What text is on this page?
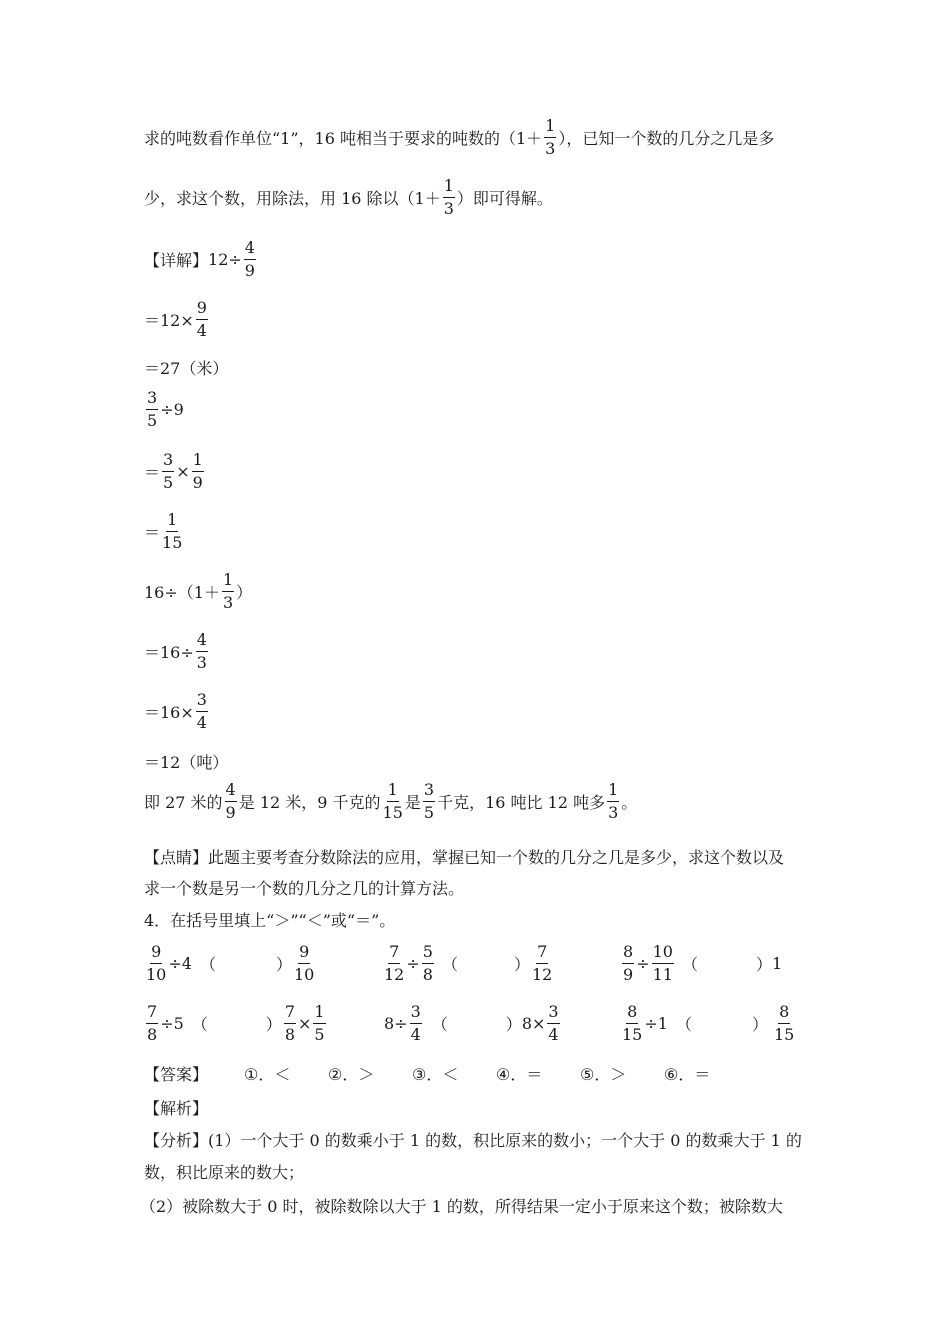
求的吨数看作单位“1”，16 吨相当于要求的吨数的（$1+ \frac{1}{3}$ ），已知一个数的几分之几是多
少，求这个数，用除法，用 16 除以（$1+ \frac{1}{3}$ ）即可得解。
【详解】 $12\div \frac{4}{9}$
$=12\times \frac{9}{4}$
＝27（米）
$\frac{3}{5} \div 9$
＝ $\frac{3}{5} \times \frac{1}{9}$
＝ $\frac{1}{15}$
$16\div(1+ \frac{1}{3}$ ）
$=16\div \frac{4}{3}$
$=16\times \frac{3}{4}$
＝12（吨）
即 27 米的 $\frac{4}{9}$ 是 12 米，9 千克的 $\frac{1}{15}$ 是 $\frac{3}{5}$ 千克，16 吨比 12 吨多 $\frac{1}{3}$ 。
【点睛】此题主要考查分数除法的应用，掌握已知一个数的几分之几是多少，求这个数以及
求一个数是另一个数的几分之几的计算方法。
4．在括号里填上“＞”“＜”或“＝”。
$\frac{9}{10} \div 4$ （	） $\frac{9}{10}$	$\frac{7}{12} \div \frac{5}{8}$ （	） $\frac{7}{12}$	$\frac{8}{9} \div \frac{10}{11}$ （	） 1
$\frac{7}{8} \div 5$ （	） $\frac{7}{8} \times \frac{1}{5}$	$8\div \frac{3}{4}$ （	） $8\times \frac{3}{4}$	$\frac{8}{15} \div 1$ （	） $\frac{8}{15}$
【答案】	①．＜	②．＞	③．＜	④．＝	⑤．＞	⑥．＝
【解析】
【分析】(1）一个大于 0 的数乘小于 1 的数，积比原来的数小；一个大于 0 的数乘大于 1 的
数，积比原来的数大；
（2）被除数大于 0 时，被除数除以大于 1 的数，所得结果一定小于原来这个数；被除数大
